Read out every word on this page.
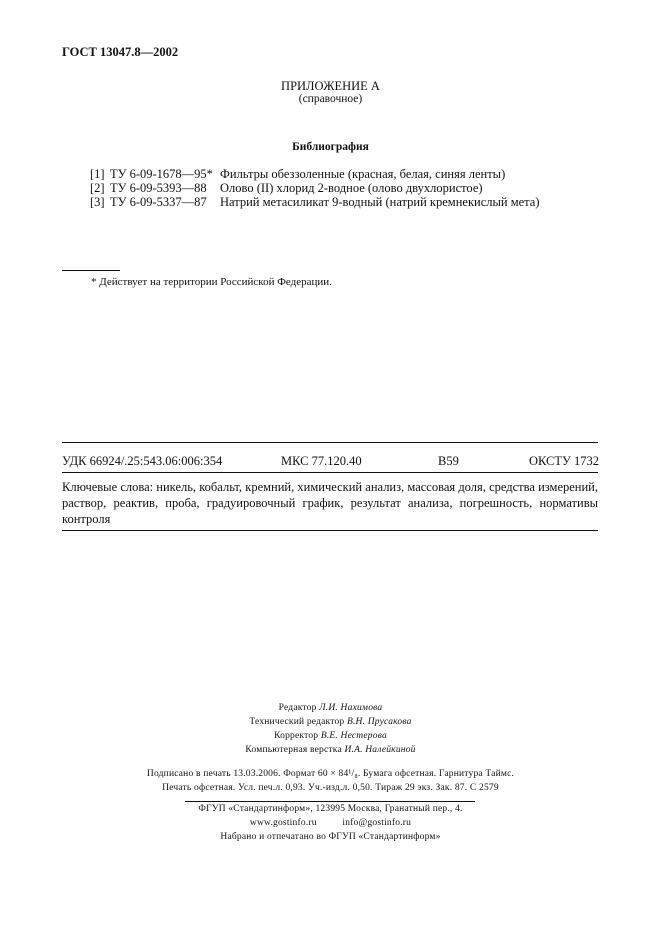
ГОСТ 13047.8—2002
ПРИЛОЖЕНИЕ А
(справочное)
Библиография
[1] ТУ 6-09-1678—95* Фильтры обеззоленные (красная, белая, синяя ленты)
[2] ТУ 6-09-5393—88 Олово (II) хлорид 2-водное (олово двухлористое)
[3] ТУ 6-09-5337—87 Натрий метасиликат 9-водный (натрий кремнекислый мета)
* Действует на территории Российской Федерации.
УДК 66924/.25:543.06:006:354	МКС 77.120.40	В59	ОКСТУ 1732
Ключевые слова: никель, кобальт, кремний, химический анализ, массовая доля, средства измерений, раствор, реактив, проба, градуировочный график, результат анализа, погрешность, нормативы контроля
Редактор Л.И. Нахимова
Технический редактор В.Н. Прусакова
Корректор В.Е. Нестерова
Компьютерная верстка И.А. Налейкиной
Подписано в печать 13.03.2006. Формат 60 × 84¹/₈. Бумага офсетная. Гарнитура Таймс.
Печать офсетная. Усл. печ.л. 0,93. Уч.-изд.л. 0,50. Тираж 29 экз. Зак. 87. С 2579
ФГУП «Стандартинформ», 123995 Москва, Гранатный пер., 4.
www.gostinfo.ru          info@gostinfo.ru
Набрано и отпечатано во ФГУП «Стандартинформ»
